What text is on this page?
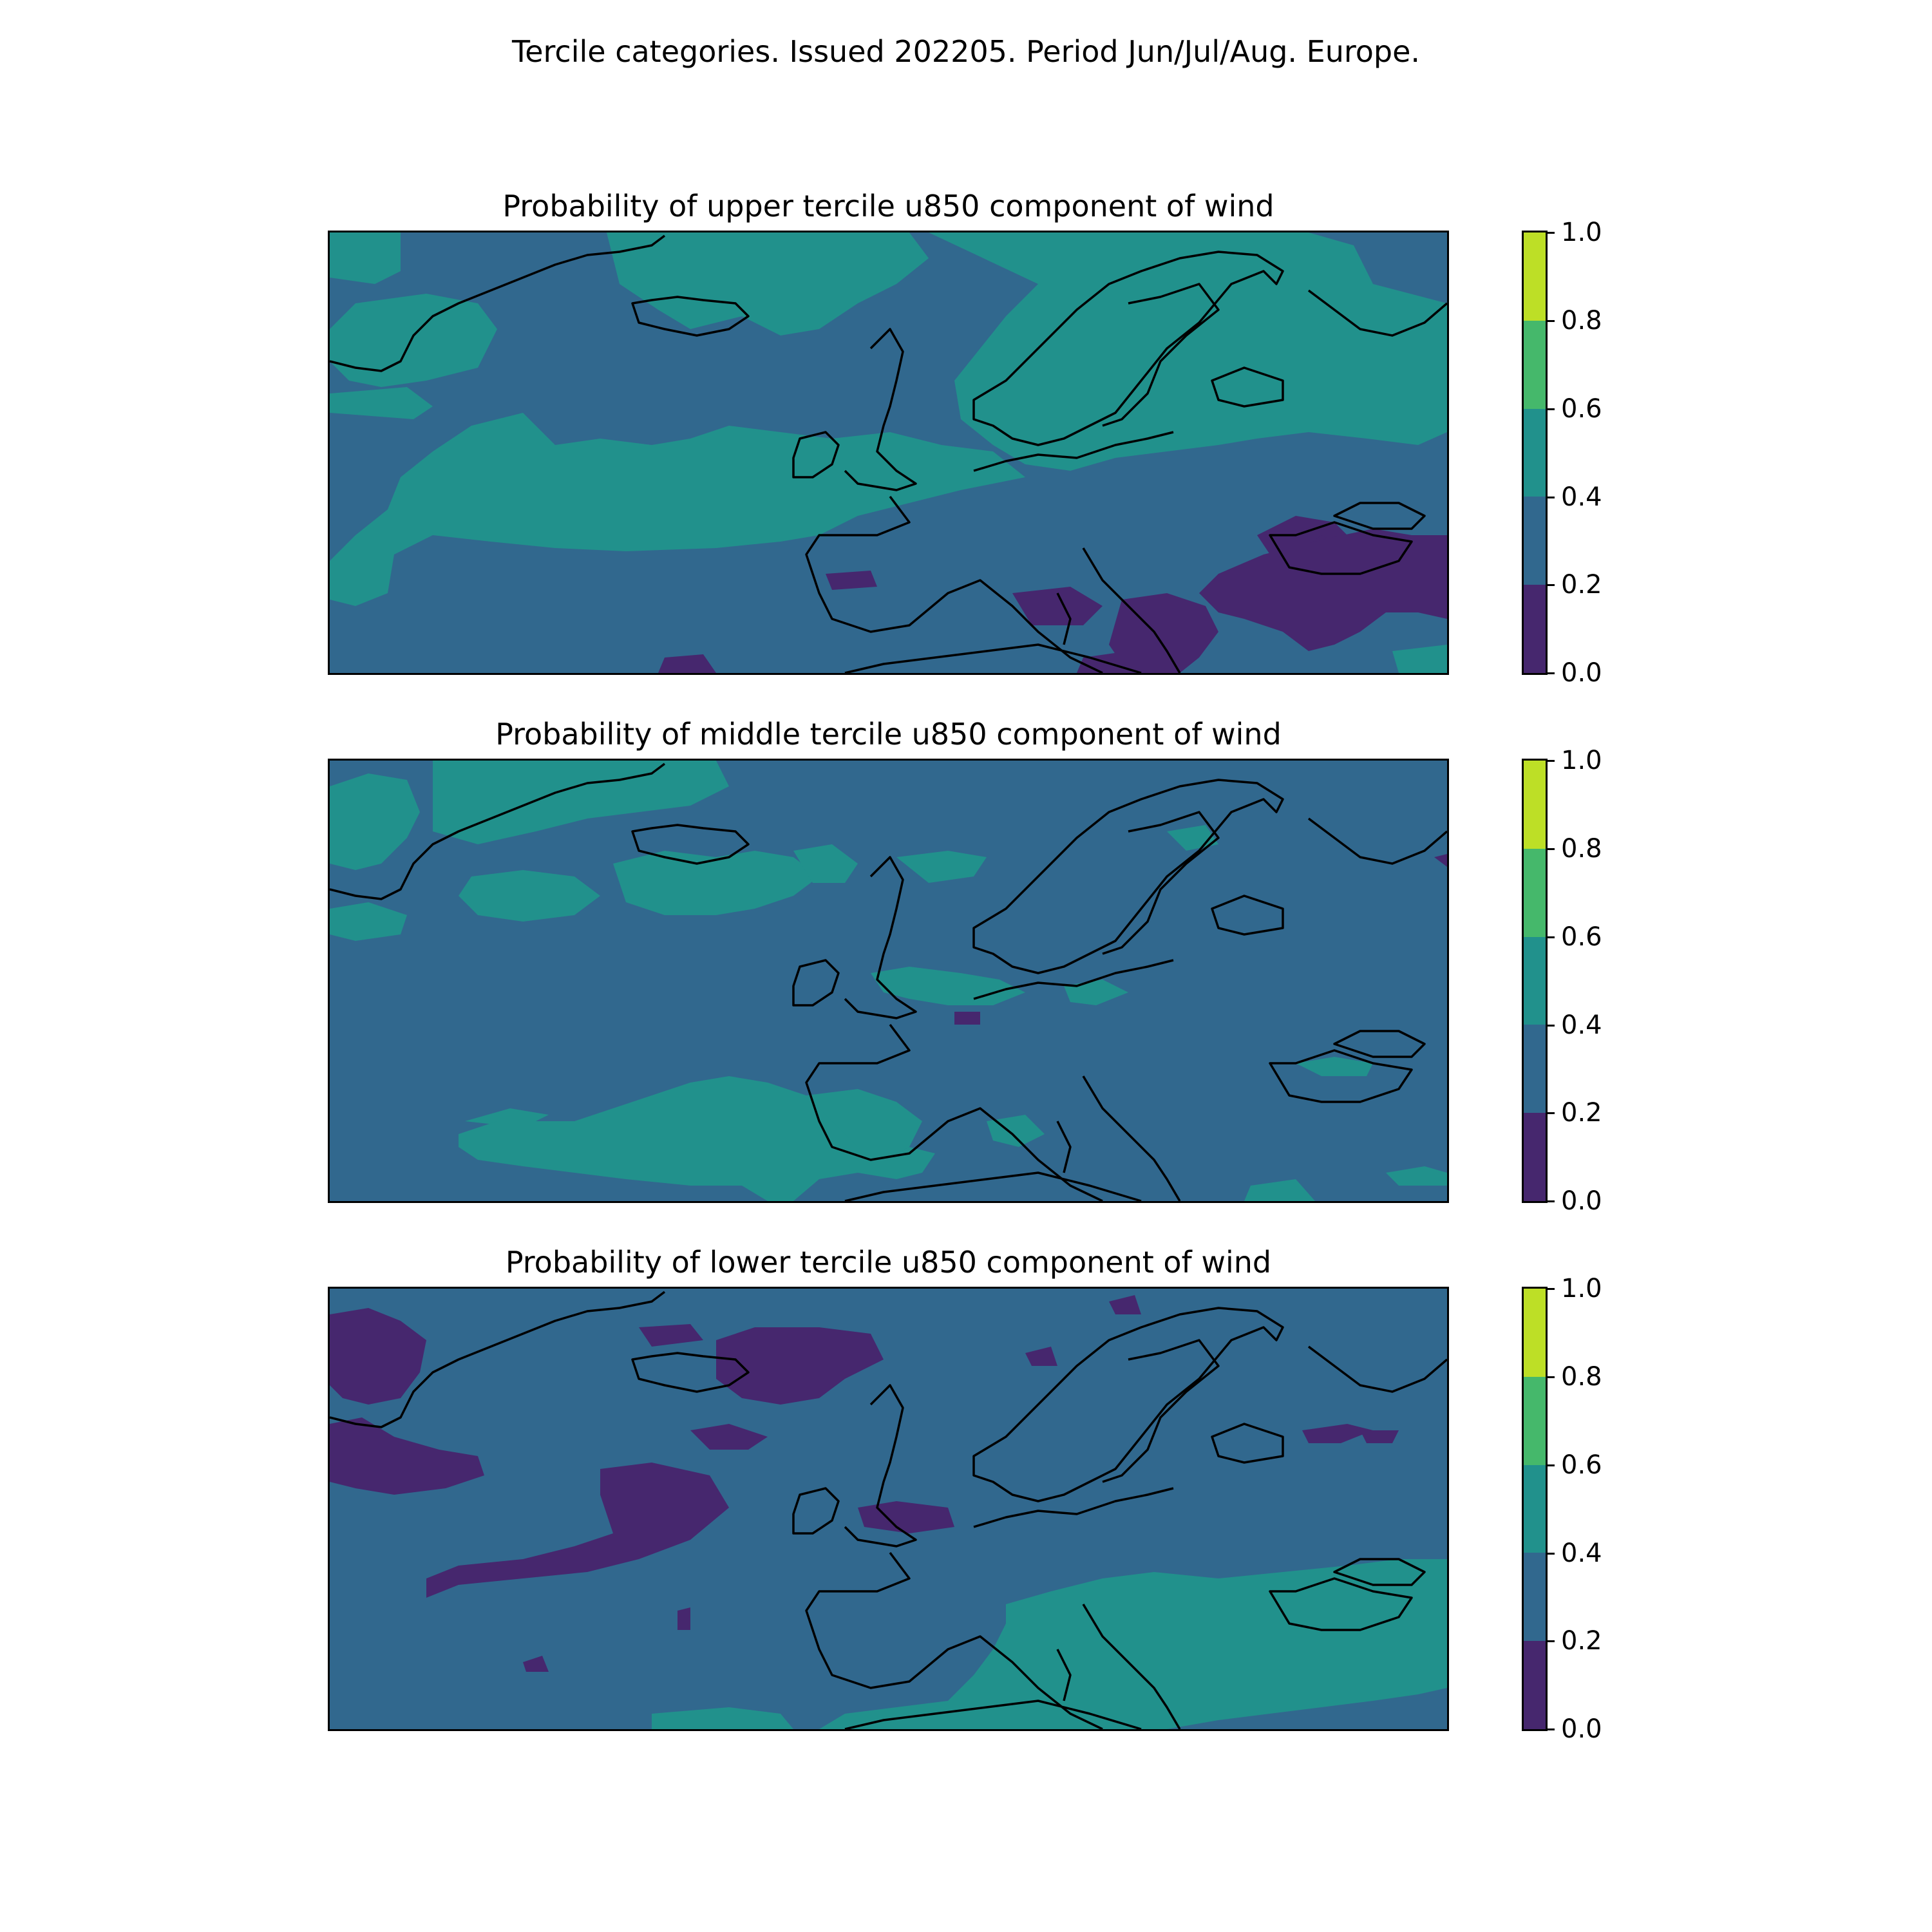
Tercile categories. Issued 202205. Period Jun/Jul/Aug. Europe.
Probability of upper tercile u850 component of wind
Probability of middle tercile u850 component of wind
Probability of lower tercile u850 component of wind
1.0
0.8
0.6
0.4
0.2
0.0
1.0
0.8
0.6
0.4
0.2
0.0
1.0
0.8
0.6
0.4
0.2
0.0
